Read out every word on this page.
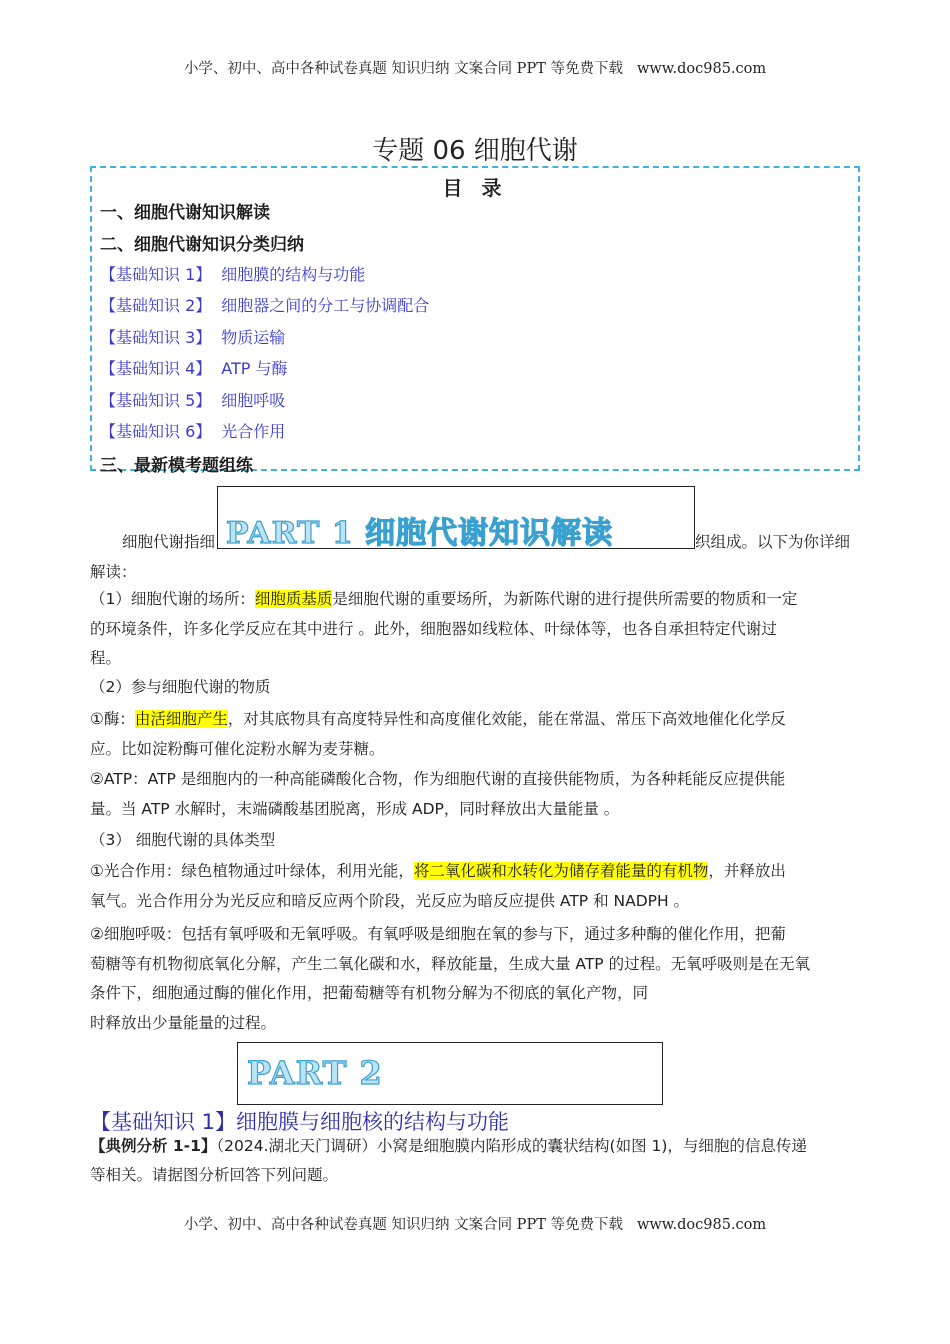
小学、初中、高中各种试卷真题 知识归纳 文案合同 PPT 等免费下载 www.doc985.com
专题 06 细胞代谢
目 录
一、细胞代谢知识解读
二、细胞代谢知识分类归纳
【基础知识 1】 细胞膜的结构与功能
【基础知识 2】 细胞器之间的分工与协调配合
【基础知识 3】 物质运输
【基础知识 4】 ATP 与酶
【基础知识 5】 细胞呼吸
【基础知识 6】 光合作用
三、最新模考题组练
细胞代谢指细	织组成。以下为你详细
解读：
PART 1 细胞代谢知识解读
（1）细胞代谢的场所：细胞质基质是细胞代谢的重要场所，为新陈代谢的进行提供所需要的物质和一定
的环境条件，许多化学反应在其中进行 。此外，细胞器如线粒体、叶绿体等，也各自承担特定代谢过
程。
（2）参与细胞代谢的物质
①酶：由活细胞产生，对其底物具有高度特异性和高度催化效能，能在常温、常压下高效地催化化学反
应。比如淀粉酶可催化淀粉水解为麦芽糖。
②ATP：ATP 是细胞内的一种高能磷酸化合物，作为细胞代谢的直接供能物质，为各种耗能反应提供能
量。当 ATP 水解时，末端磷酸基团脱离，形成 ADP，同时释放出大量能量 。
（3） 细胞代谢的具体类型
①光合作用：绿色植物通过叶绿体，利用光能，将二氧化碳和水转化为储存着能量的有机物，并释放出
氧气。光合作用分为光反应和暗反应两个阶段，光反应为暗反应提供 ATP 和 NADPH 。
②细胞呼吸：包括有氧呼吸和无氧呼吸。有氧呼吸是细胞在氧的参与下，通过多种酶的催化作用，把葡
萄糖等有机物彻底氧化分解，产生二氧化碳和水，释放能量，生成大量 ATP 的过程。无氧呼吸则是在无氧
条件下，细胞通过酶的催化作用，把葡萄糖等有机物分解为不彻底的氧化产物，同
时释放出少量能量的过程。
PART 2
【基础知识 1】细胞膜与细胞核的结构与功能
【典例分析 1-1】（2024.湖北天门调研）小窝是细胞膜内陷形成的囊状结构(如图 1)，与细胞的信息传递
等相关。请据图分析回答下列问题。
小学、初中、高中各种试卷真题 知识归纳 文案合同 PPT 等免费下载 www.doc985.com
